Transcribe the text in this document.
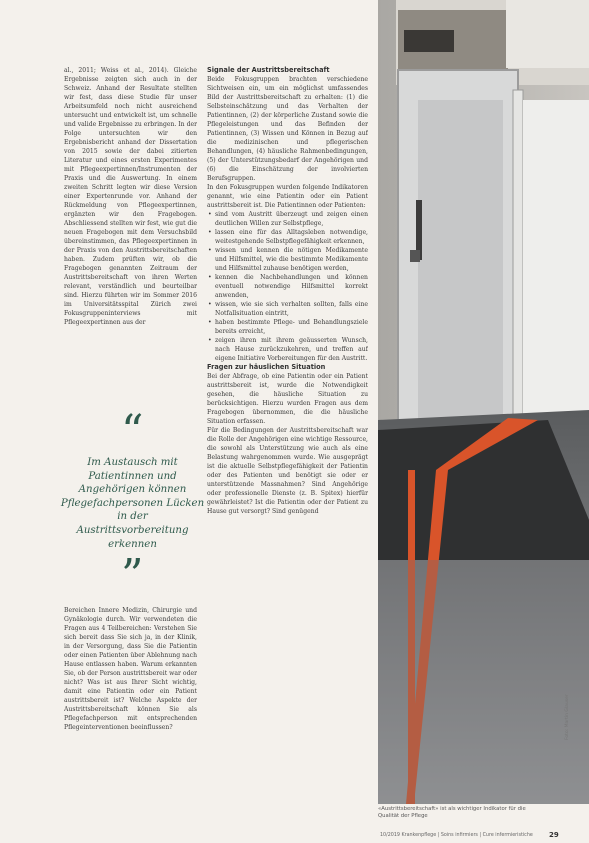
al., 2011; Weiss et al., 2014). Gleiche Ergebnisse zeigten sich auch in der Schweiz. Anhand der Resultate stellten wir fest, dass diese Studie für unser Arbeitsumfeld noch nicht ausreichend untersucht und entwickelt ist, um schnelle und valide Ergebnisse zu erbringen. In der Folge untersuchten wir den Ergebnisbericht anhand der Dissertation von 2015 sowie der dabei zitierten Literatur und eines ersten Experimentes mit Pflegeexpertinnen/Instrumenten der Praxis und die Auswertung. In einem zweiten Schritt legten wir diese Version einer Expertenrunde vor. Anhand der Rückmeldung von Pflegeexpertinnen, ergänzten wir den Fragebogen. Abschliessend stellten wir fest, wie gut die neuen Fragebogen mit dem Versuchsbild übereinstimmen, das Pflegeexpertinnen in der Praxis von den Austrittsbereitschaften haben. Zudem prüften wir, ob die Fragebogen genannten Zeitraum der Austrittsbereitschaft von ihren Werten relevant, verständlich und beurteilbar sind. Hierzu führten wir im Sommer 2016 im Universitätsspital Zürich zwei Fokusgruppeninterviews mit Pflegeexpertinnen aus der

“
Im Austausch mit Patientinnen und Angehörigen können Pflegefachpersonen Lücken in der Austrittsvorbereitung erkennen
”

Bereichen Innere Medizin, Chirurgie und Gynäkologie durch. Wir verwendeten die Fragen aus 4 Teilbereichen: Verstehen Sie sich bereit dass Sie sich ja, in der Klinik, in der Versorgung, dass Sie die Patientin oder einen Patienten über Ablehnung nach Hause entlassen haben. Warum erkannten Sie, ob der Person austrittsbereit war oder nicht? Was ist aus Ihrer Sicht wichtig, damit eine Patientin oder ein Patient austrittsbereit ist? Welche Aspekte der Austrittsbereitschaft können Sie als Pflegefachperson mit entsprechenden Pflegeinterventionen beeinflussen?

Signale der Austrittsbereitschaft

Beide Fokusgruppen brachten verschiedene Sichtweisen ein, um ein möglichst umfassendes Bild der Austrittsbereitschaft zu erhalten: (1) die Selbsteinschätzung und das Verhalten der Patientinnen, (2) der körperliche Zustand sowie die Pflegeleistungen und das Befinden der Patientinnen, (3) Wissen und Können in Bezug auf die medizinischen und pflegerischen Behandlungen, (4) häusliche Rahmenbedingungen, (5) der Unterstützungsbedarf der Angehörigen und (6) die Einschätzung der involvierten Berufsgruppen.

In den Fokusgruppen wurden folgende Indikatoren genannt, wie eine Patientin oder ein Patient austrittsbereit ist. Die Patientinnen oder Patienten:

• sind vom Austritt überzeugt und zeigen einen deutlichen Willen zur Selbstpflege,
• lassen eine für das Alltagsleben notwendige, weitestgehende Selbstpflegefähigkeit erkennen,
• wissen und kennen die nötigen Medikamente und Hilfsmittel, wie die bestimmte Medikamente und Hilfsmittel zuhause benötigen werden,
• kennen die Nachbehandlungen und können eventuell notwendige Hilfsmittel korrekt anwenden,
• wissen, wie sie sich verhalten sollten, falls eine Notfallsituation eintritt,
• haben bestimmte Pflege- und Behandlungsziele bereits erreicht,
• zeigen ihren mit ihrem geäusserten Wunsch, nach Hause zurückzukehren, und treffen auf eigene Initiative Vorbereitungen für den Austritt.

Fragen zur häuslichen Situation

Bei der Abfrage, ob eine Patientin oder ein Patient austrittsbereit ist, wurde die Notwendigkeit gesehen, die häusliche Situation zu berücksichtigen. Hierzu wurden Fragen aus dem Fragebogen übernommen, die die häusliche Situation erfassen.

Für die Bedingungen der Austrittsbereitschaft war die Rolle der Angehörigen eine wichtige Ressource, die sowohl als Unterstützung wie auch als eine Belastung wahrgenommen wurde. Wie ausgeprägt ist die aktuelle Selbstpflegefähigkeit der Patientin oder des Patienten und benötigt sie oder er unterstützende Massnahmen? Sind Angehörige oder professionelle Dienste (z. B. Spitex) hierfür gewährleistet? Ist die Patientin oder der Patient zu Hause gut versorgt? Sind genügend

Foto: Martin Glauser
«Austrittsbereitschaft» ist als wichtiger Indikator für die Qualität der Pflege
10/2019 Krankenpflege | Soins infirmiers | Cure infermieristiche 29
